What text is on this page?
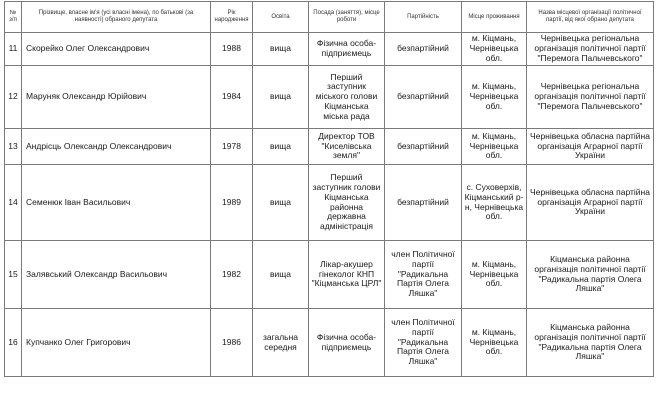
№ з/п	Прізвище, власне ім'я (усі власні імена), по батькові (за наявності) обраного депутата	Рік народження	Освіта	Посада (заняття), місце роботи	Партійність	Місце проживання	Назва місцевої організації політичної партії, від якої обрано депутата
11	Скорейко Олег Олександрович	1988	вища	Фізична особа-підприємець	безпартійний	м. Кіцмань, Чернівецька обл.	Чернівецька регіональна організація політичної партії "Перемога Пальчевського"
12	Маруняк Олександр Юрійович	1984	вища	Перший заступник міського голови Кіцманська міська рада	безпартійний	м. Кіцмань, Чернівецька обл.	Чернівецька регіональна організація політичної партії "Перемога Пальчевського"
13	Андрісць Олександр Олександрович	1978	вища	Директор ТОВ "Киселівська земля"	безпартійний	м. Кіцмань, Чернівецька обл.	Чернівецька обласна партійна організація Аграрної партії України
14	Семенюк Іван Васильович	1989	вища	Перший заступник голови Кіцманська районна державна адміністрація	безпартійний	с. Суховерхів, Кіцманський р-н, Чернівецька обл.	Чернівецька обласна партійна організація Аграрної партії України
15	Залявський Олександр Васильович	1982	вища	Лікар-акушер гінеколог КНП "Кіцманська ЦРЛ"	член Політичної партії "Радикальна Партія Олега Ляшка"	м. Кіцмань, Чернівецька обл.	Кіцманська районна організація політичної партії "Радикальна партія Олега Ляшка"
16	Купчанко Олег Григорович	1986	загальна середня	Фізична особа-підприємець	член Політичної партії "Радикальна Партія Олега Ляшка"	м. Кіцмань, Чернівецька обл.	Кіцманська районна організація політичної партії "Радикальна партія Олега Ляшка"
